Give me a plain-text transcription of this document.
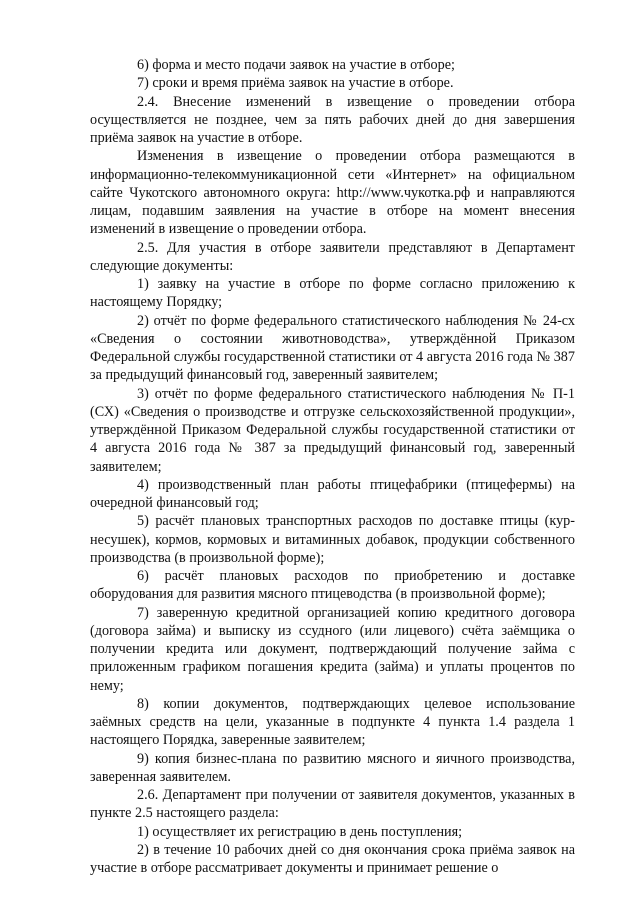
6) форма и место подачи заявок на участие в отборе;

7) сроки и время приёма заявок на участие в отборе.

2.4. Внесение изменений в извещение о проведении отбора осуществляется не позднее, чем за пять рабочих дней до дня завершения приёма заявок на участие в отборе.

Изменения в извещение о проведении отбора размещаются в информационно-телекоммуникационной сети «Интернет» на официальном сайте Чукотского автономного округа: http://www.чукотка.рф и направляются лицам, подавшим заявления на участие в отборе на момент внесения изменений в извещение о проведении отбора.

2.5. Для участия в отборе заявители представляют в Департамент следующие документы:

1) заявку на участие в отборе по форме согласно приложению к настоящему Порядку;

2) отчёт по форме федерального статистического наблюдения № 24-сх «Сведения о состоянии животноводства», утверждённой Приказом Федеральной службы государственной статистики от 4 августа 2016 года № 387 за предыдущий финансовый год, заверенный заявителем;

3) отчёт по форме федерального статистического наблюдения № П-1 (СХ) «Сведения о производстве и отгрузке сельскохозяйственной продукции», утверждённой Приказом Федеральной службы государственной статистики от 4 августа 2016 года № 387 за предыдущий финансовый год, заверенный заявителем;

4) производственный план работы птицефабрики (птицефермы) на очередной финансовый год;

5) расчёт плановых транспортных расходов по доставке птицы (кур-несушек), кормов, кормовых и витаминных добавок, продукции собственного производства (в произвольной форме);

6) расчёт плановых расходов по приобретению и доставке оборудования для развития мясного птицеводства (в произвольной форме);

7) заверенную кредитной организацией копию кредитного договора (договора займа) и выписку из ссудного (или лицевого) счёта заёмщика о получении кредита или документ, подтверждающий получение займа с приложенным графиком погашения кредита (займа) и уплаты процентов по нему;

8) копии документов, подтверждающих целевое использование заёмных средств на цели, указанные в подпункте 4 пункта 1.4 раздела 1 настоящего Порядка, заверенные заявителем;

9) копия бизнес-плана по развитию мясного и яичного производства, заверенная заявителем.

2.6. Департамент при получении от заявителя документов, указанных в пункте 2.5 настоящего раздела:

1) осуществляет их регистрацию в день поступления;

2) в течение 10 рабочих дней со дня окончания срока приёма заявок на участие в отборе рассматривает документы и принимает решение о
